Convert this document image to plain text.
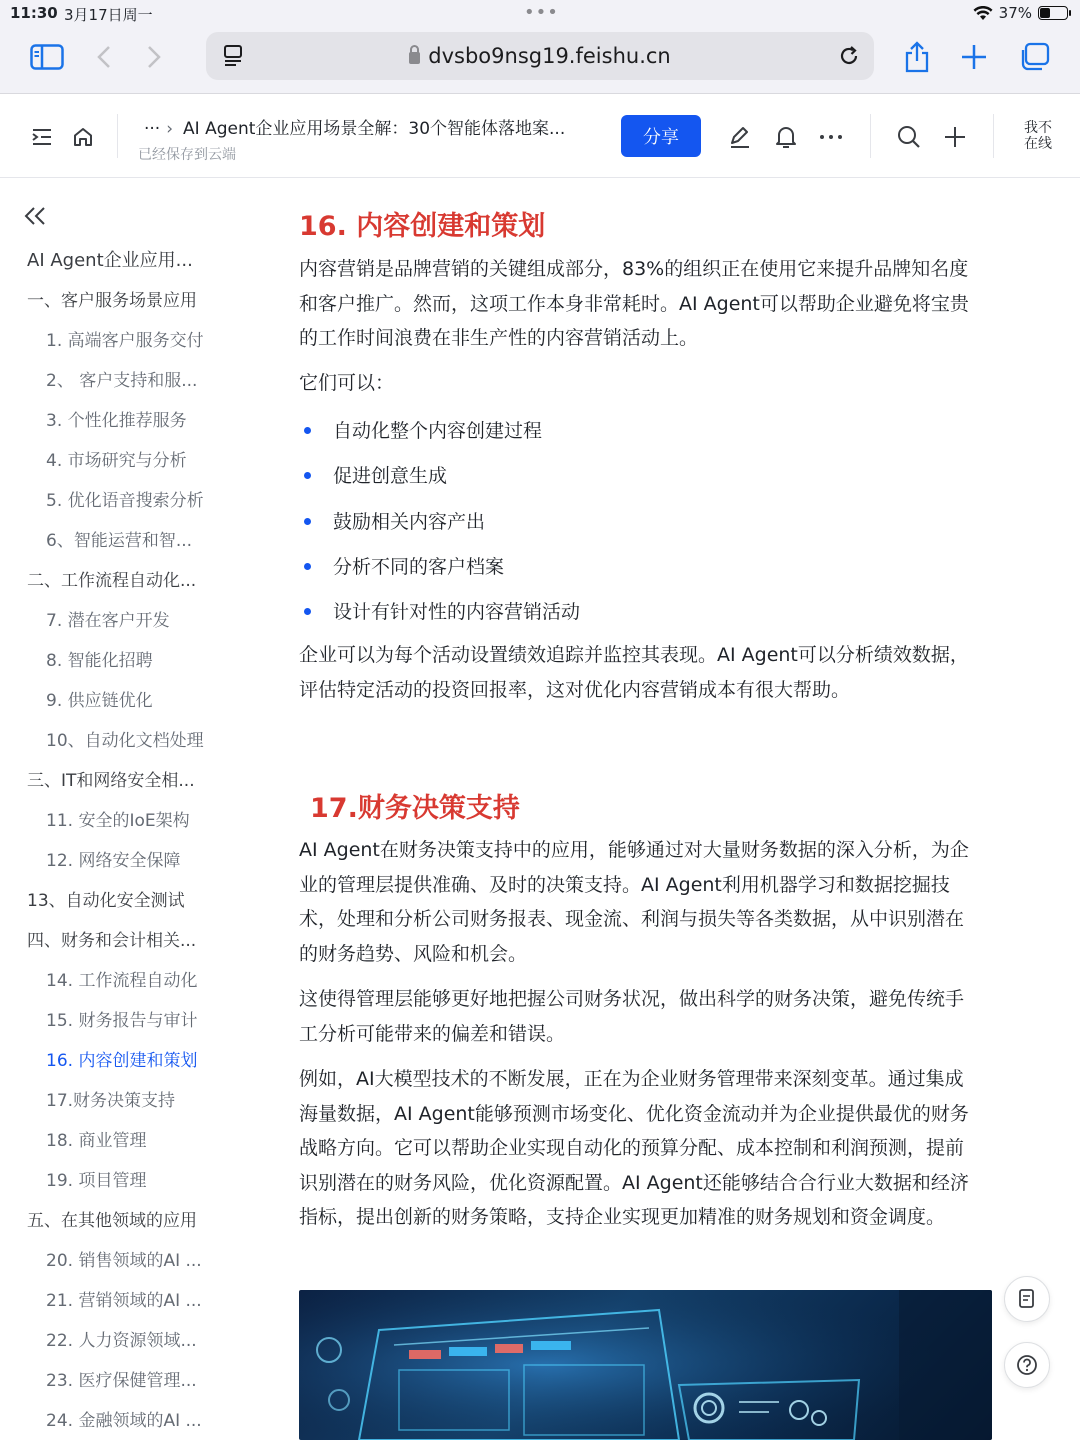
11:30 3月17日周一	•••	37%
dvsbo9nsg19.feishu.cn
··· › AI Agent企业应用场景全解：30个智能体落地案...
已经保存到云端
分享	我不在线
AI Agent企业应用...
一、客户服务场景应用
1. 高端客户服务交付
2、 客户支持和服...
3. 个性化推荐服务
4. 市场研究与分析
5. 优化语音搜索分析
6、智能运营和智...
二、工作流程自动化...
7. 潜在客户开发
8. 智能化招聘
9. 供应链优化
10、自动化文档处理
三、IT和网络安全相...
11. 安全的IoE架构
12. 网络安全保障
13、自动化安全测试
四、财务和会计相关...
14. 工作流程自动化
15. 财务报告与审计
16. 内容创建和策划
17.财务决策支持
18. 商业管理
19. 项目管理
五、在其他领域的应用
20. 销售领域的AI ...
21. 营销领域的AI ...
22. 人力资源领域...
23. 医疗保健管理...
24. 金融领域的AI ...
16. 内容创建和策划

内容营销是品牌营销的关键组成部分，83%的组织正在使用它来提升品牌知名度和客户推广。然而，这项工作本身非常耗时。AI Agent可以帮助企业避免将宝贵的工作时间浪费在非生产性的内容营销活动上。

它们可以：

自动化整个内容创建过程
促进创意生成
鼓励相关内容产出
分析不同的客户档案
设计有针对性的内容营销活动

企业可以为每个活动设置绩效追踪并监控其表现。AI Agent可以分析绩效数据，评估特定活动的投资回报率，这对优化内容营销成本有很大帮助。

17.财务决策支持

AI Agent在财务决策支持中的应用，能够通过对大量财务数据的深入分析，为企业的管理层提供准确、及时的决策支持。AI Agent利用机器学习和数据挖掘技术，处理和分析公司财务报表、现金流、利润与损失等各类数据，从中识别潜在的财务趋势、风险和机会。

这使得管理层能够更好地把握公司财务状况，做出科学的财务决策，避免传统手工分析可能带来的偏差和错误。

例如，AI大模型技术的不断发展，正在为企业财务管理带来深刻变革。通过集成海量数据，AI Agent能够预测市场变化、优化资金流动并为企业提供最优的财务战略方向。它可以帮助企业实现自动化的预算分配、成本控制和利润预测，提前识别潜在的财务风险，优化资源配置。AI Agent还能够结合合行业大数据和经济指标，提出创新的财务策略，支持企业实现更加精准的财务规划和资金调度。
